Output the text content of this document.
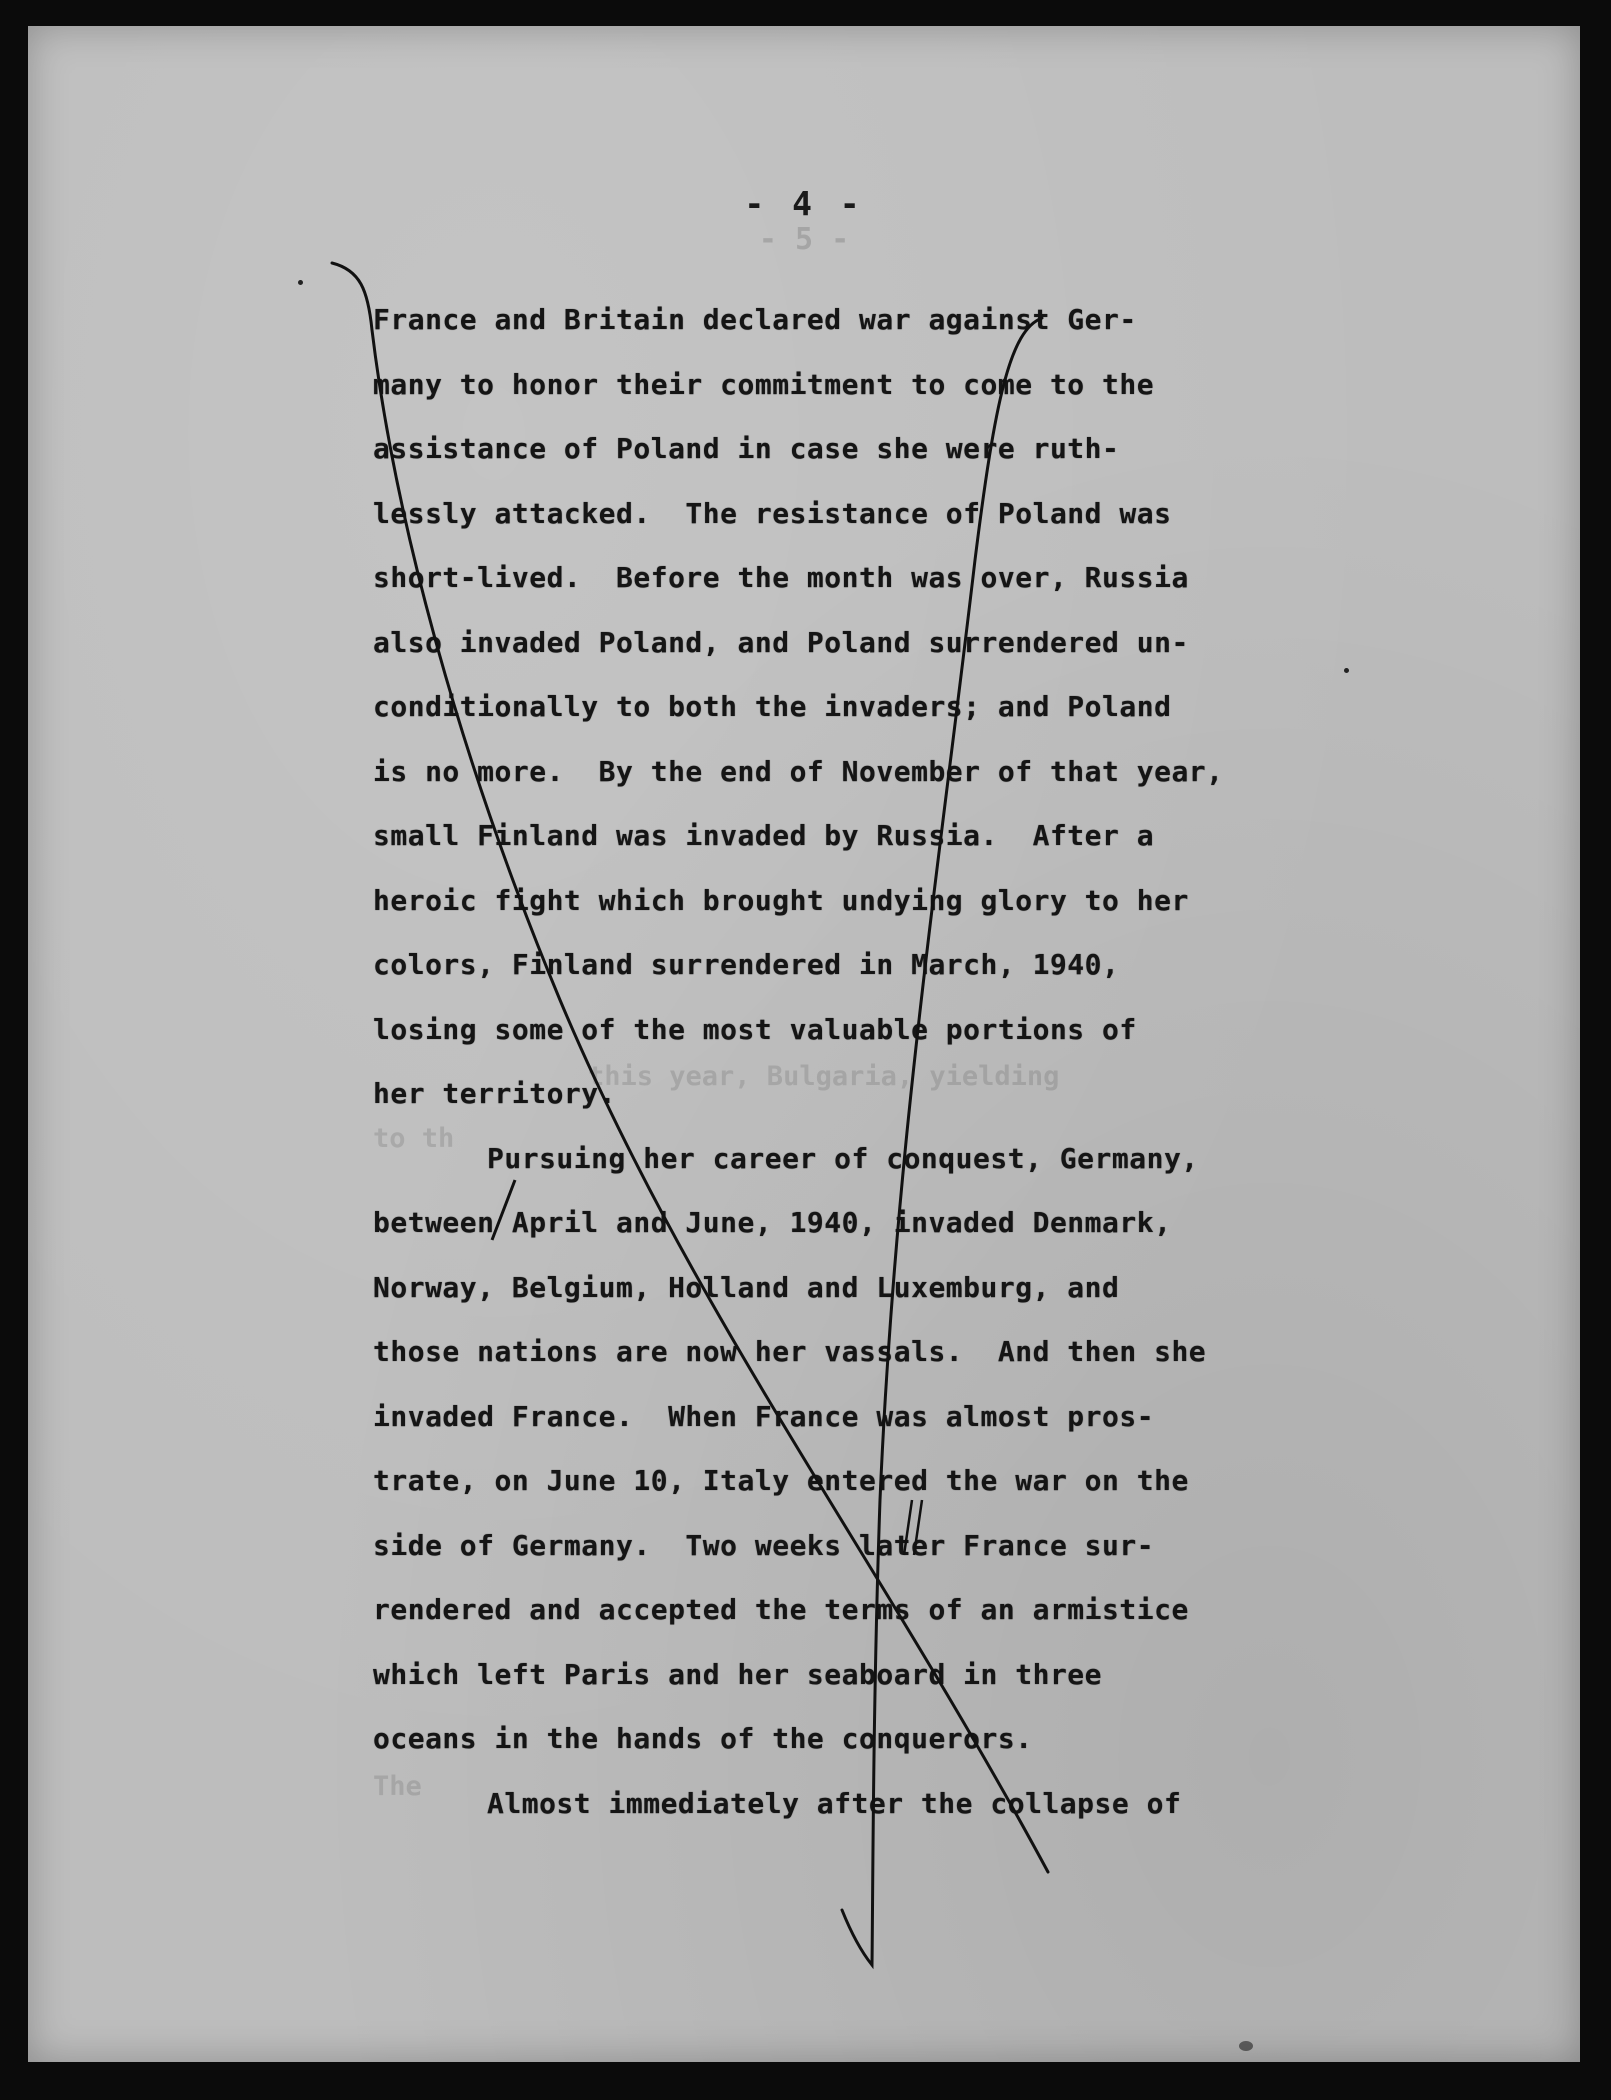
- 4 -
- 5 -
this year, Bulgaria, yielding
to th
The
France and Britain declared war against Ger-
many to honor their commitment to come to the
assistance of Poland in case she were ruth-
lessly attacked.  The resistance of Poland was
short-lived.  Before the month was over, Russia
also invaded Poland, and Poland surrendered un-
conditionally to both the invaders; and Poland
is no more.  By the end of November of that year,
small Finland was invaded by Russia.  After a
heroic fight which brought undying glory to her
colors, Finland surrendered in March, 1940,
losing some of the most valuable portions of
her territory.
Pursuing her career of conquest, Germany,
between April and June, 1940, invaded Denmark,
Norway, Belgium, Holland and Luxemburg, and
those nations are now her vassals.  And then she
invaded France.  When France was almost pros-
trate, on June 10, Italy entered the war on the
side of Germany.  Two weeks later France sur-
rendered and accepted the terms of an armistice
which left Paris and her seaboard in three
oceans in the hands of the conquerors.
Almost immediately after the collapse of
